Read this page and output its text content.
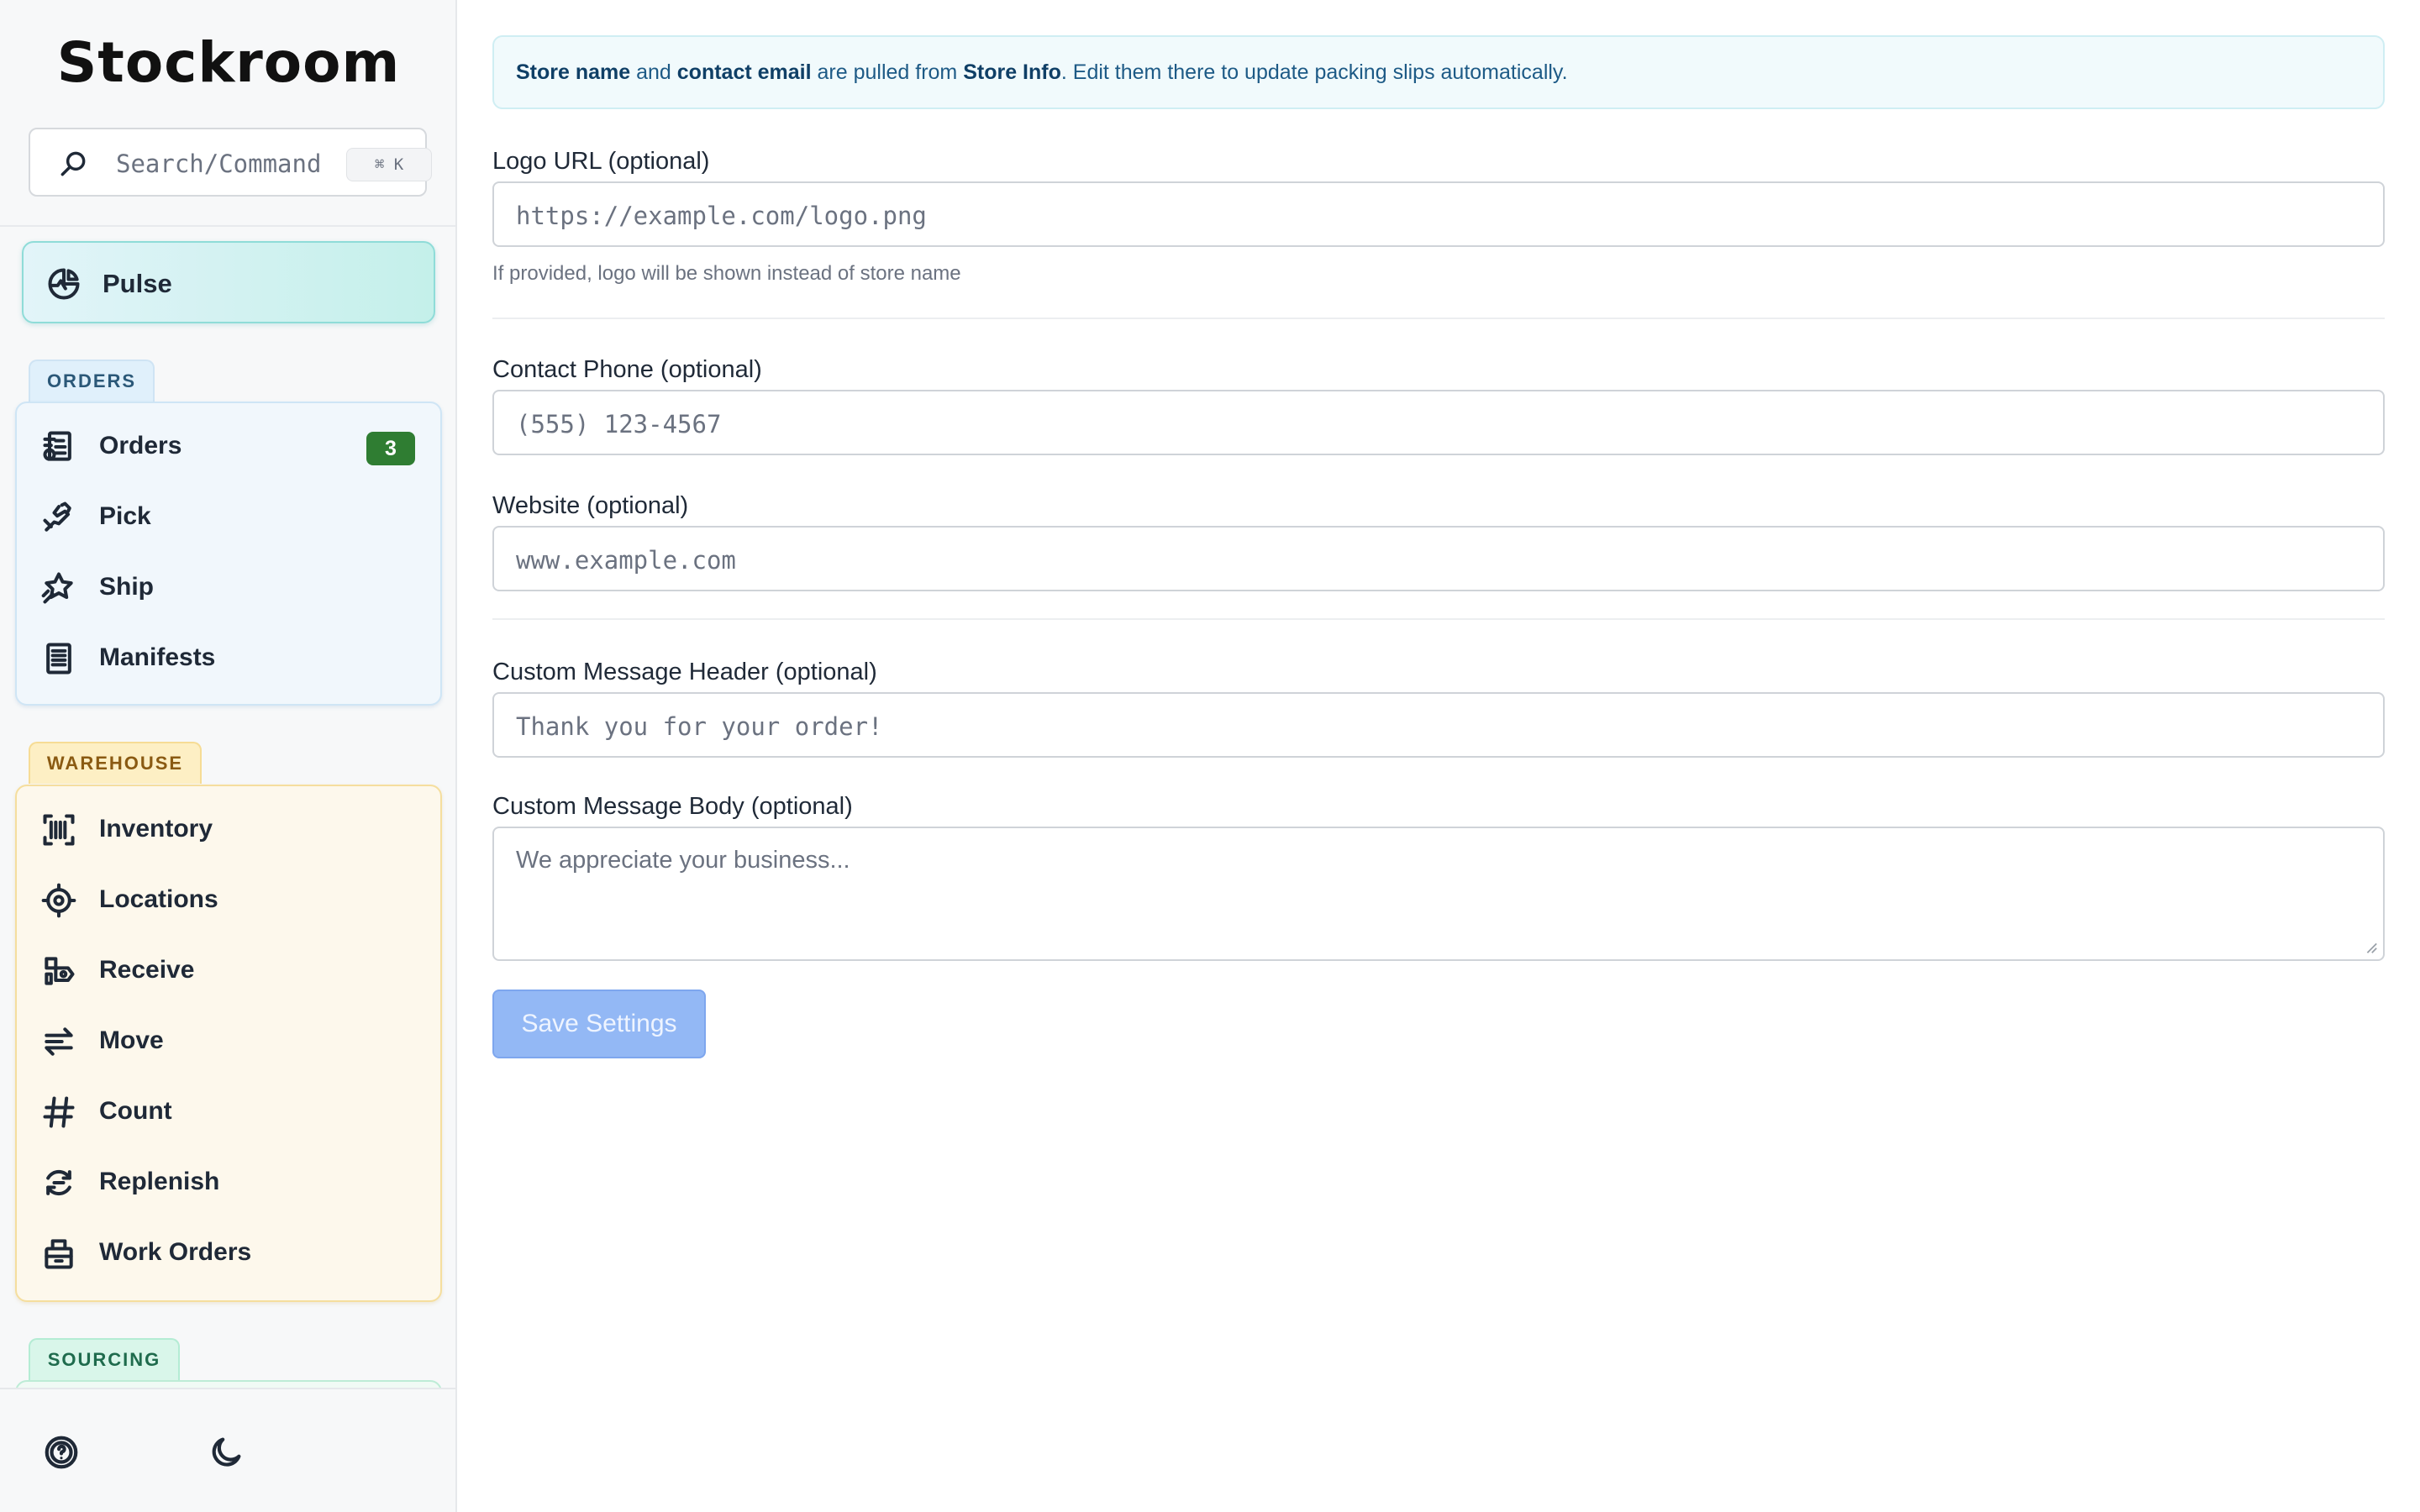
Stockroom
Search/Command	⌘ K
Pulse
ORDERS
Orders	3
Pick
Ship
Manifests
WAREHOUSE
Inventory
Locations
Receive
Move
Count
Replenish
Work Orders
SOURCING
Store name and contact email are pulled from Store Info. Edit them there to update packing slips automatically.
Logo URL (optional)
https://example.com/logo.png
If provided, logo will be shown instead of store name
Contact Phone (optional)
(555) 123-4567
Website (optional)
www.example.com
Custom Message Header (optional)
Thank you for your order!
Custom Message Body (optional)
We appreciate your business...
Save Settings
